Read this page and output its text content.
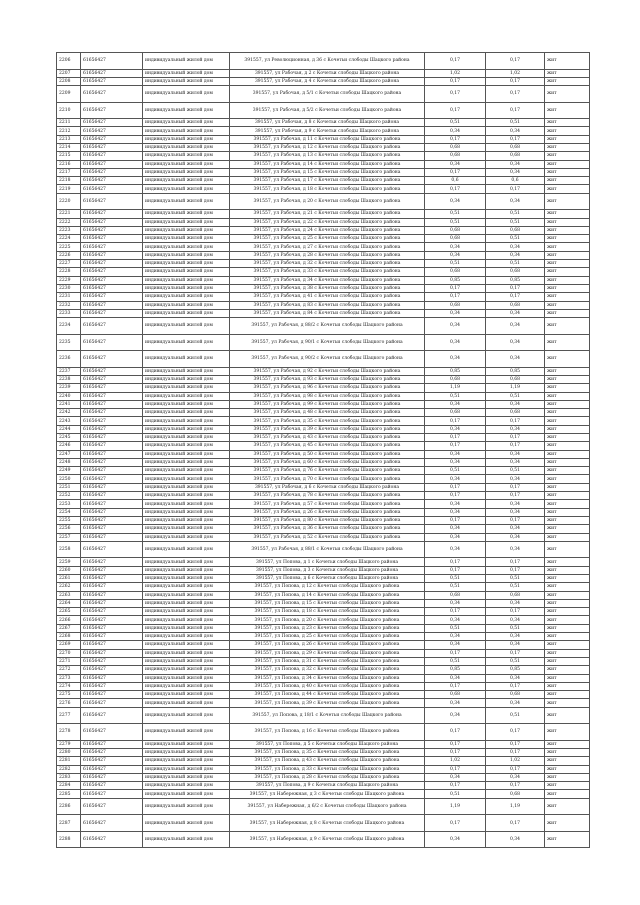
2206	61656427	индивидуальный жилой дом	391557, ул Революционная, д 36 с Кочетьи слободы Шацкого района	0,17	0,17	жит	
2207	61656427	индивидуальный жилой дом	391557, ул Рабочая, д 2 с Кочетьи слободы Шацкого района	1,02	1,02	жит	
2208	61656427	индивидуальный жилой дом	391557, ул Рабочая, д 4 с Кочетьи слободы Шацкого района	0,17	0,17	жит	
2209	61656427	индивидуальный жилой дом	391557, ул Рабочая, д 5/1 с Кочетьи слободы Шацкого района	0,17	0,17	жит	
2210	61656427	индивидуальный жилой дом	391557, ул Рабочая, д 5/2 с Кочетьи слободы Шацкого района	0,17	0,17	жит	
2211	61656427	индивидуальный жилой дом	391557, ул Рабочая, д 8 с Кочетьи слободы Шацкого района	0,51	0,51	жит	
2212	61656427	индивидуальный жилой дом	391557, ул Рабочая, д 9 с Кочетьи слободы Шацкого района	0,34	0,34	жит	
2213	61656427	индивидуальный жилой дом	391557, ул Рабочая, д 11 с Кочетьи слободы Шацкого района	0,17	0,17	жит	
2214	61656427	индивидуальный жилой дом	391557, ул Рабочая, д 12 с Кочетьи слободы Шацкого района	0,68	0,68	жит	
2215	61656427	индивидуальный жилой дом	391557, ул Рабочая, д 13 с Кочетьи слободы Шацкого района	0,68	0,68	жит	
2216	61656427	индивидуальный жилой дом	391557, ул Рабочая, д 14 с Кочетьи слободы Шацкого района	0,34	0,34	жит	
2217	61656427	индивидуальный жилой дом	391557, ул Рабочая, д 15 с Кочетьи слободы Шацкого района	0,17	0,34	жит	
2218	61656427	индивидуальный жилой дом	391557, ул Рабочая, д 17 с Кочетьи слободы Шацкого района	0,6	0,6	жит	
2219	61656427	индивидуальный жилой дом	391557, ул Рабочая, д 18 с Кочетьи слободы Шацкого района	0,17	0,17	жит	
2220	61656427	индивидуальный жилой дом	391557, ул Рабочая, д 20 с Кочетьи слободы Шацкого района	0,34	0,34	жит	
2221	61656427	индивидуальный жилой дом	391557, ул Рабочая, д 21 с Кочетьи слободы Шацкого района	0,51	0,51	жит	
2222	61656427	индивидуальный жилой дом	391557, ул Рабочая, д 22 с Кочетьи слободы Шацкого района	0,51	0,51	жит	
2223	61656427	индивидуальный жилой дом	391557, ул Рабочая, д 24 с Кочетьи слободы Шацкого района	0,68	0,68	жит	
2224	61656427	индивидуальный жилой дом	391557, ул Рабочая, д 25 с Кочетьи слободы Шацкого района	0,68	0,51	жит	
2225	61656427	индивидуальный жилой дом	391557, ул Рабочая, д 27 с Кочетьи слободы Шацкого района	0,34	0,34	жит	
2226	61656427	индивидуальный жилой дом	391557, ул Рабочая, д 28 с Кочетьи слободы Шацкого района	0,34	0,34	жит	
2227	61656427	индивидуальный жилой дом	391557, ул Рабочая, д 32 с Кочетьи слободы Шацкого района	0,51	0,51	жит	
2228	61656427	индивидуальный жилой дом	391557, ул Рабочая, д 33 с Кочетьи слободы Шацкого района	0,68	0,68	жит	
2229	61656427	индивидуальный жилой дом	391557, ул Рабочая, д 34 с Кочетьи слободы Шацкого района	0,85	0,85	жит	
2230	61656427	индивидуальный жилой дом	391557, ул Рабочая, д 38 с Кочетьи слободы Шацкого района	0,17	0,17	жит	
2231	61656427	индивидуальный жилой дом	391557, ул Рабочая, д 41 с Кочетьи слободы Шацкого района	0,17	0,17	жит	
2232	61656427	индивидуальный жилой дом	391557, ул Рабочая, д 83 с Кочетьи слободы Шацкого района	0,68	0,68	жит	
2233	61656427	индивидуальный жилой дом	391557, ул Рабочая, д 84 с Кочетьи слободы Шацкого района	0,34	0,34	жит	
2234	61656427	индивидуальный жилой дом	391557, ул Рабочая, д 88/2 с Кочетьи слободы Шацкого района	0,34	0,34	жит	
2235	61656427	индивидуальный жилой дом	391557, ул Рабочая, д 90/1 с Кочетьи слободы Шацкого района	0,34	0,34	жит	
2236	61656427	индивидуальный жилой дом	391557, ул Рабочая, д 90/2 с Кочетьи слободы Шацкого района	0,34	0,34	жит	
2237	61656427	индивидуальный жилой дом	391557, ул Рабочая, д 92 с Кочетьи слободы Шацкого района	0,85	0,85	жит	
2238	61656427	индивидуальный жилой дом	391557, ул Рабочая, д 93 с Кочетьи слободы Шацкого района	0,68	0,68	жит	
2239	61656427	индивидуальный жилой дом	391557, ул Рабочая, д 96 с Кочетьи слободы Шацкого района	1,19	1,19	жит	
2240	61656427	индивидуальный жилой дом	391557, ул Рабочая, д 98 с Кочетьи слободы Шацкого района	0,51	0,51	жит	
2241	61656427	индивидуальный жилой дом	391557, ул Рабочая, д 99 с Кочетьи слободы Шацкого района	0,34	0,34	жит	
2242	61656427	индивидуальный жилой дом	391557, ул Рабочая, д 48 с Кочетьи слободы Шацкого района	0,68	0,68	жит	
2243	61656427	индивидуальный жилой дом	391557, ул Рабочая, д 35 с Кочетьи слободы Шацкого района	0,17	0,17	жит	
2244	61656427	индивидуальный жилой дом	391557, ул Рабочая, д 39 с Кочетьи слободы Шацкого района	0,34	0,34	жит	
2245	61656427	индивидуальный жилой дом	391557, ул Рабочая, д 43 с Кочетьи слободы Шацкого района	0,17	0,17	жит	
2246	61656427	индивидуальный жилой дом	391557, ул Рабочая, д 45 с Кочетьи слободы Шацкого района	0,17	0,17	жит	
2247	61656427	индивидуальный жилой дом	391557, ул Рабочая, д 50 с Кочетьи слободы Шацкого района	0,34	0,34	жит	
2248	61656427	индивидуальный жилой дом	391557, ул Рабочая, д 60 с Кочетьи слободы Шацкого района	0,34	0,34	жит	
2249	61656427	индивидуальный жилой дом	391557, ул Рабочая, д 76 с Кочетьи слободы Шацкого района	0,51	0,51	жит	
2250	61656427	индивидуальный жилой дом	391557, ул Рабочая, д 70 с Кочетьи слободы Шацкого района	0,34	0,34	жит	
2251	61656427	индивидуальный жилой дом	391557, ул Рабочая, д 6 с Кочетьи слободы Шацкого района	0,17	0,17	жит	
2252	61656427	индивидуальный жилой дом	391557, ул Рабочая, д 78 с Кочетьи слободы Шацкого района	0,17	0,17	жит	
2253	61656427	индивидуальный жилой дом	391557, ул Рабочая, д 57 с Кочетьи слободы Шацкого района	0,34	0,34	жит	
2254	61656427	индивидуальный жилой дом	391557, ул Рабочая, д 26 с Кочетьи слободы Шацкого района	0,34	0,34	жит	
2255	61656427	индивидуальный жилой дом	391557, ул Рабочая, д 80 с Кочетьи слободы Шацкого района	0,17	0,17	жит	
2256	61656427	индивидуальный жилой дом	391557, ул Рабочая, д 36 с Кочетьи слободы Шацкого района	0,34	0,34	жит	
2257	61656427	индивидуальный жилой дом	391557, ул Рабочая, д 52 с Кочетьи слободы Шацкого района	0,34	0,34	жит	
2258	61656427	индивидуальный жилой дом	391557, ул Рабочая, д 88/1 с Кочетьи слободы Шацкого района	0,34	0,34	жит	
2259	61656427	индивидуальный жилой дом	391557, ул Попова, д 1 с Кочетьи слободы Шацкого района	0,17	0,17	жит	
2260	61656427	индивидуальный жилой дом	391557, ул Попова, д 3 с Кочетьи слободы Шацкого района	0,17	0,17	жит	
2261	61656427	индивидуальный жилой дом	391557, ул Попова, д 6 с Кочетьи слободы Шацкого района	0,51	0,51	жит	
2262	61656427	индивидуальный жилой дом	391557, ул Попова, д 12 с Кочетьи слободы Шацкого района	0,51	0,51	жит	
2263	61656427	индивидуальный жилой дом	391557, ул Попова, д 14 с Кочетьи слободы Шацкого района	0,68	0,68	жит	
2264	61656427	индивидуальный жилой дом	391557, ул Попова, д 15 с Кочетьи слободы Шацкого района	0,34	0,34	жит	
2265	61656427	индивидуальный жилой дом	391557, ул Попова, д 18 с Кочетьи слободы Шацкого района	0,17	0,17	жит	
2266	61656427	индивидуальный жилой дом	391557, ул Попова, д 20 с Кочетьи слободы Шацкого района	0,34	0,34	жит	
2267	61656427	индивидуальный жилой дом	391557, ул Попова, д 23 с Кочетьи слободы Шацкого района	0,51	0,51	жит	
2268	61656427	индивидуальный жилой дом	391557, ул Попова, д 25 с Кочетьи слободы Шацкого района	0,34	0,34	жит	
2269	61656427	индивидуальный жилой дом	391557, ул Попова, д 26 с Кочетьи слободы Шацкого района	0,34	0,34	жит	
2270	61656427	индивидуальный жилой дом	391557, ул Попова, д 29 с Кочетьи слободы Шацкого района	0,17	0,17	жит	
2271	61656427	индивидуальный жилой дом	391557, ул Попова, д 31 с Кочетьи слободы Шацкого района	0,51	0,51	жит	
2272	61656427	индивидуальный жилой дом	391557, ул Попова, д 32 с Кочетьи слободы Шацкого района	0,85	0,85	жит	
2273	61656427	индивидуальный жилой дом	391557, ул Попова, д 34 с Кочетьи слободы Шацкого района	0,34	0,34	жит	
2274	61656427	индивидуальный жилой дом	391557, ул Попова, д 40 с Кочетьи слободы Шацкого района	0,17	0,17	жит	
2275	61656427	индивидуальный жилой дом	391557, ул Попова, д 44 с Кочетьи слободы Шацкого района	0,68	0,68	жит	
2276	61656427	индивидуальный жилой дом	391557, ул Попова, д 39 с Кочетьи слободы Шацкого района	0,34	0,34	жит	
2277	61656427	индивидуальный жилой дом	391557, ул Попова, д 18/1 с Кочетьи слободы Шацкого района	0,34	0,51	жит	
2278	61656427	индивидуальный жилой дом	391557, ул Попова, д 16 с Кочетьи слободы Шацкого района	0,17	0,17	жит	
2279	61656427	индивидуальный жилой дом	391557, ул Попова, д 5 с Кочетьи слободы Шацкого района	0,17	0,17	жит	
2280	61656427	индивидуальный жилой дом	391557, ул Попова, д 35 с Кочетьи слободы Шацкого района	0,17	0,17	жит	
2281	61656427	индивидуальный жилой дом	391557, ул Попова, д 43 с Кочетьи слободы Шацкого района	1,02	1,02	жит	
2282	61656427	индивидуальный жилой дом	391557, ул Попова, д 33 с Кочетьи слободы Шацкого района	0,17	0,17	жит	
2283	61656427	индивидуальный жилой дом	391557, ул Попова, д 28 с Кочетьи слободы Шацкого района	0,34	0,34	жит	
2284	61656427	индивидуальный жилой дом	391557, ул Попова, д 9 с Кочетьи слободы Шацкого района	0,17	0,17	жит	
2285	61656427	индивидуальный жилой дом	391557, ул Набережная, д 3 с Кочетьи слободы Шацкого района	0,51	0,68	жит	
2286	61656427	индивидуальный жилой дом	391557, ул Набережная, д 6/2 с Кочетьи слободы Шацкого района	1,19	1,19	жит	
2287	61656427	индивидуальный жилой дом	391557, ул Набережная, д 8 с Кочетьи слободы Шацкого района	0,17	0,17	жит	
2288	61656427	индивидуальный жилой дом	391557, ул Набережная, д 9 с Кочетьи слободы Шацкого района	0,34	0,34	жит	
